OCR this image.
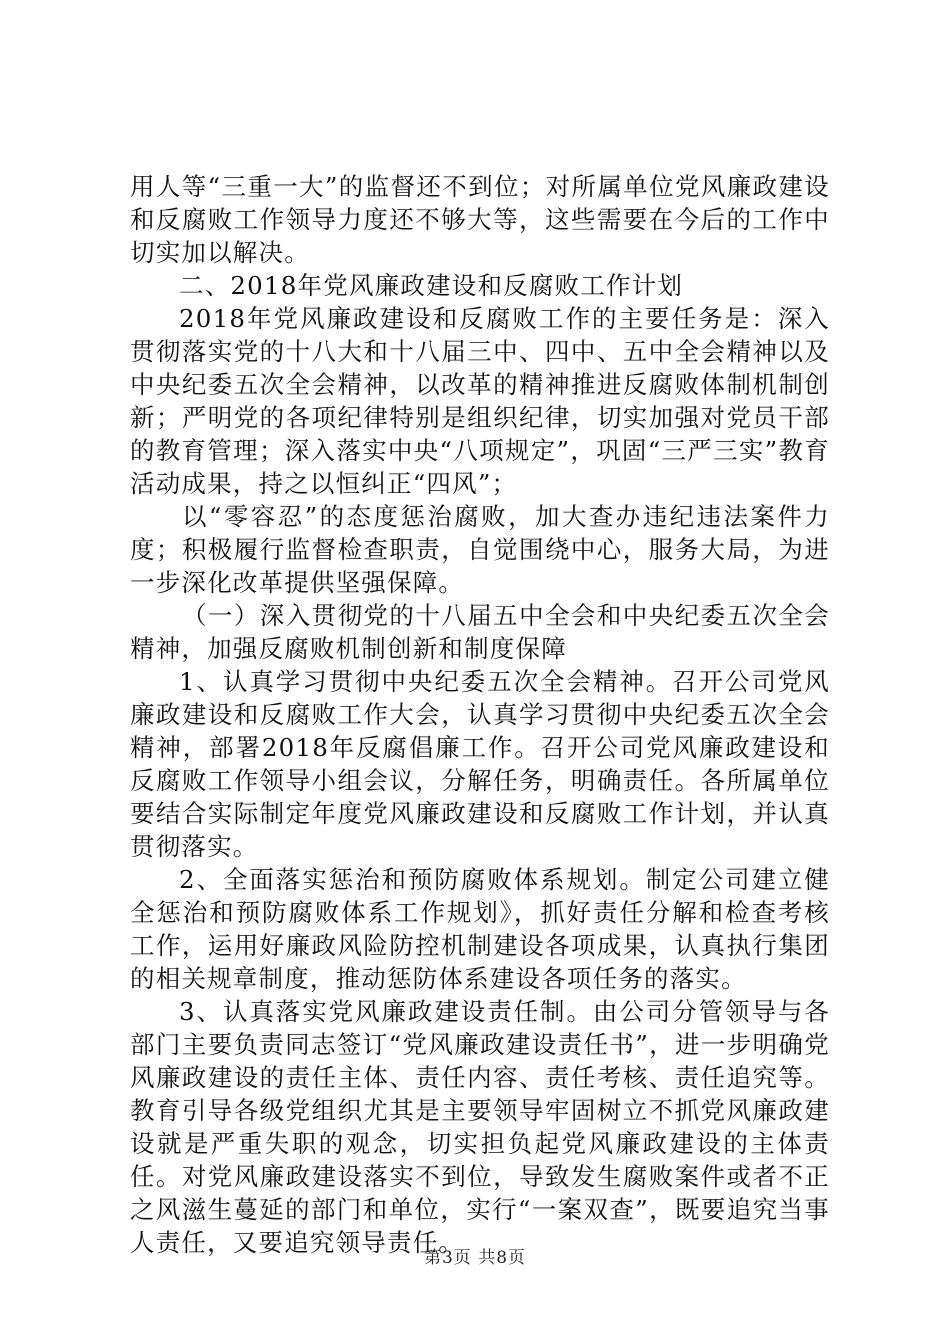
用人等“三重一大”的监督还不到位；对所属单位党风廉政建设和反腐败工作领导力度还不够大等，这些需要在今后的工作中切实加以解决。

二、2018年党风廉政建设和反腐败工作计划

2018年党风廉政建设和反腐败工作的主要任务是：深入贯彻落实党的十八大和十八届三中、四中、五中全会精神以及中央纪委五次全会精神，以改革的精神推进反腐败体制机制创新；严明党的各项纪律特别是组织纪律，切实加强对党员干部的教育管理；深入落实中央“八项规定”，巩固“三严三实”教育活动成果，持之以恒纠正“四风”；

以“零容忍”的态度惩治腐败，加大查办违纪违法案件力度；积极履行监督检查职责，自觉围绕中心，服务大局，为进一步深化改革提供坚强保障。

（一）深入贯彻党的十八届五中全会和中央纪委五次全会精神，加强反腐败机制创新和制度保障

1、认真学习贯彻中央纪委五次全会精神。召开公司党风廉政建设和反腐败工作大会，认真学习贯彻中央纪委五次全会精神，部署2018年反腐倡廉工作。召开公司党风廉政建设和反腐败工作领导小组会议，分解任务，明确责任。各所属单位要结合实际制定年度党风廉政建设和反腐败工作计划，并认真贯彻落实。

2、全面落实惩治和预防腐败体系规划。制定公司建立健全惩治和预防腐败体系工作规划》，抓好责任分解和检查考核工作，运用好廉政风险防控机制建设各项成果，认真执行集团的相关规章制度，推动惩防体系建设各项任务的落实。

3、认真落实党风廉政建设责任制。由公司分管领导与各部门主要负责同志签订“党风廉政建设责任书”，进一步明确党风廉政建设的责任主体、责任内容、责任考核、责任追究等。教育引导各级党组织尤其是主要领导牢固树立不抓党风廉政建设就是严重失职的观念，切实担负起党风廉政建设的主体责任。对党风廉政建设落实不到位，导致发生腐败案件或者不正之风滋生蔓延的部门和单位，实行“一案双查”，既要追究当事人责任，又要追究领导责任。

第3页 共8页
